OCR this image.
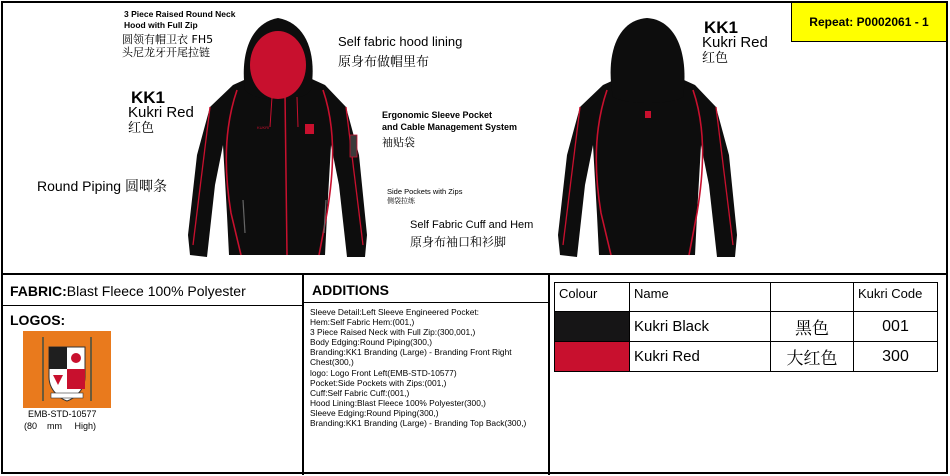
Repeat: P0002061 - 1
KUKRI
3 Piece Raised Round Neck Hood with Full Zip
圆领有帽卫衣 FH5
头尼龙牙开尾拉链
Self fabric hood lining
原身布做帽里布
KK1
Kukri Red
红色
Round Piping 圆唧条
Ergonomic Sleeve Pocket
and Cable Management System
袖贴袋
Side Pockets with Zips
侧袋拉练
Self Fabric Cuff and Hem
原身布袖口和衫脚
KK1
Kukri Red
红色
FABRIC:Blast Fleece 100% Polyester
LOGOS:
EMB-STD-10577
(80    mm     High)
ADDITIONS
Sleeve Detail:Left Sleeve Engineered Pocket:
Hem:Self Fabric Hem:(001,)
3 Piece Raised Neck with Full Zip:(300,001,)
Body Edging:Round Piping(300,)
Branding:KK1 Branding (Large) - Branding Front Right Chest(300,)
logo: Logo Front Left(EMB-STD-10577)
Pocket:Side Pockets with Zips:(001,)
Cuff:Self Fabric Cuff:(001,)
Hood Lining:Blast Fleece 100% Polyester(300,)
Sleeve Edging:Round Piping(300,)
Branding:KK1 Branding (Large) - Branding Top Back(300,)
Colour	Name		Kukri Code
	Kukri Black	黑色	001
	Kukri Red	大红色	300
